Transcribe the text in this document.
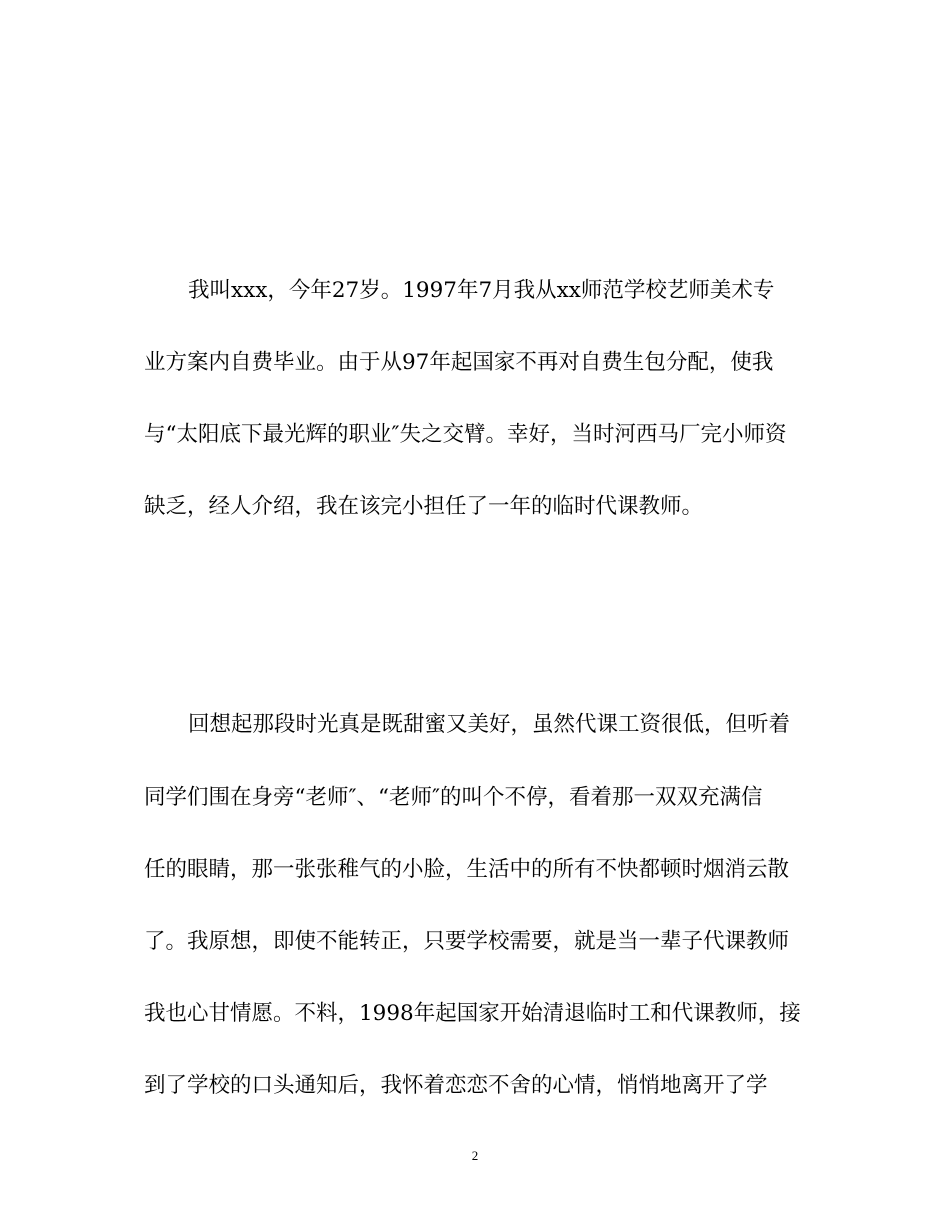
我叫xxx，今年27岁。1997年7月我从xx师范学校艺师美术专
业方案内自费毕业。由于从97年起国家不再对自费生包分配，使我
与“太阳底下最光辉的职业″失之交臂。幸好，当时河西马厂完小师资
缺乏，经人介绍，我在该完小担任了一年的临时代课教师。
回想起那段时光真是既甜蜜又美好，虽然代课工资很低，但听着
同学们围在身旁“老师″、“老师″的叫个不停，看着那一双双充满信
任的眼睛，那一张张稚气的小脸，生活中的所有不快都顿时烟消云散
了。我原想，即使不能转正，只要学校需要，就是当一辈子代课教师
我也心甘情愿。不料，1998年起国家开始清退临时工和代课教师，接
到了学校的口头通知后，我怀着恋恋不舍的心情，悄悄地离开了学
2
